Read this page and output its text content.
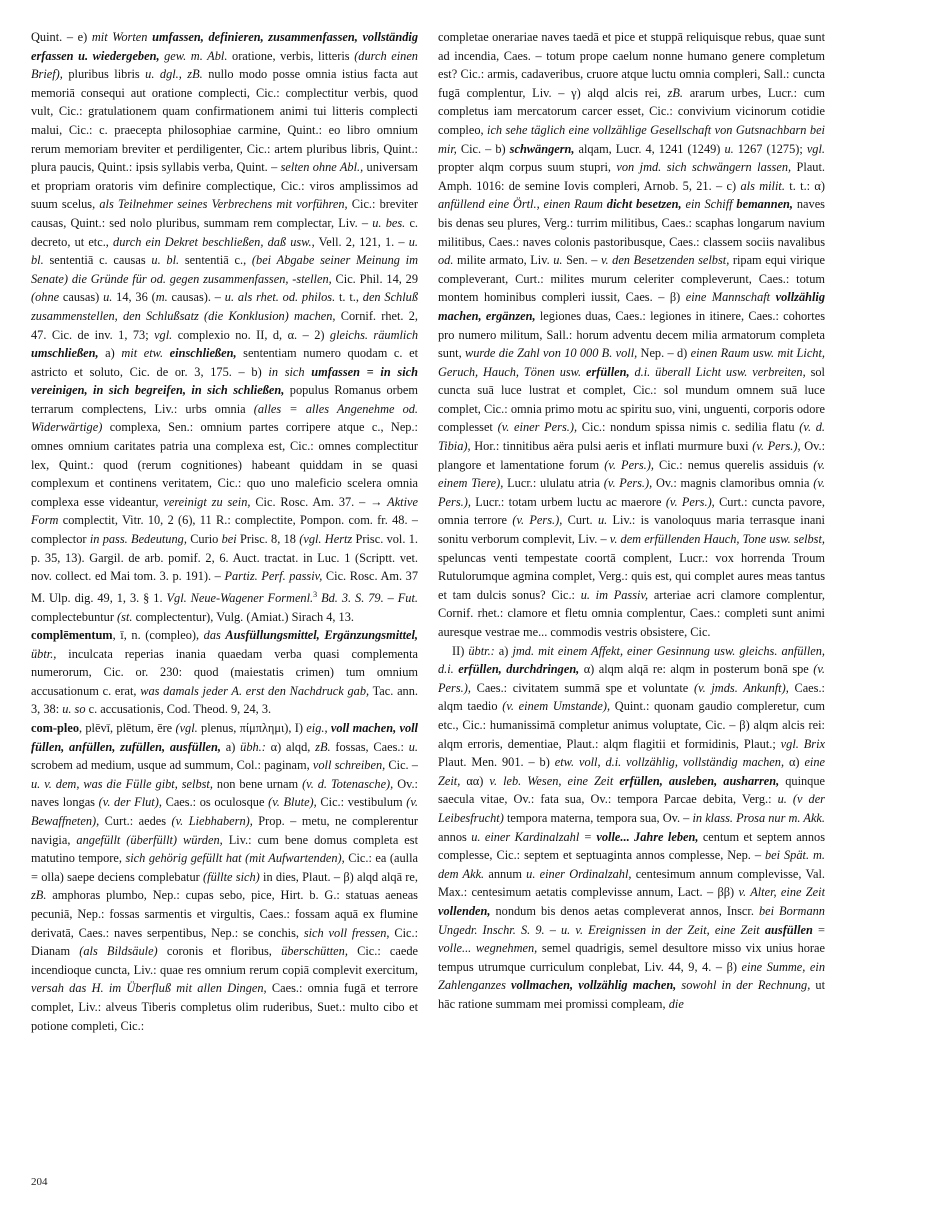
Quint. – e) mit Worten umfassen, definieren, zusammenfassen, vollständig erfassen u. wiedergeben, gew. m. Abl. oratione, verbis, litteris (durch einen Brief), pluribus libris u. dgl., zB. nullo modo posse omnia istius facta aut memoriā consequi aut oratione complecti, Cic.: complectitur verbis, quod vult, Cic.: gratulationem quam confirmationem animi tui litteris complecti malui, Cic.: c. praecepta philosophiae carmine, Quint.: eo libro omnium rerum memoriam breviter et perdiligenter, Cic.: artem pluribus libris, Quint.: plura paucis, Quint.: ipsis syllabis verba, Quint. – selten ohne Abl., universam et propriam oratoris vim definire complectique, Cic.: viros amplissimos ad suum scelus, als Teilnehmer seines Verbrechens mit vorführen, Cic.: breviter causas, Quint.: sed nolo pluribus, summam rem complectar, Liv. – u. bes. c. decreto, ut etc., durch ein Dekret beschließen, daß usw., Vell. 2, 121, 1. – u. bl. sententiā c. causas u. bl. sententiā c., (bei Abgabe seiner Meinung im Senate) die Gründe für od. gegen zusammenfassen, -stellen, Cic. Phil. 14, 29 (ohne causas) u. 14, 36 (m. causas). – u. als rhet. od. philos. t. t., den Schluß zusammenstellen, den Schlußsatz (die Konklusion) machen, Cornif. rhet. 2, 47. Cic. de inv. 1, 73; vgl. complexio no. II, d, α. – 2) gleichs. räumlich umschließen, a) mit etw. einschließen, sententiam numero quodam c. et astricto et soluto, Cic. de or. 3, 175. – b) in sich umfassen = in sich vereinigen, in sich begreifen, in sich schließen, populus Romanus orbem terrarum complectens, Liv.: urbs omnia (alles = alles Angenehme od. Widerwärtige) complexa, Sen.: omnium partes corripere atque c., Nep.: omnes omnium caritates patria una complexa est, Cic.: omnes complectitur lex, Quint.: quod (rerum cognitiones) habeant quiddam in se quasi complexum et continens veritatem, Cic.: quo uno maleficio scelera omnia complexa esse videantur, vereinigt zu sein, Cic. Rosc. Am. 37. – → Aktive Form complectit, Vitr. 10, 2 (6), 11 R.: complectite, Pompon. com. fr. 48. – complector in pass. Bedeutung, Curio bei Prisc. 8, 18 (vgl. Hertz Prisc. vol. 1. p. 35, 13). Gargil. de arb. pomif. 2, 6. Auct. tractat. in Luc. 1 (Scriptt. vet. nov. collect. ed Mai tom. 3. p. 191). – Partiz. Perf. passiv, Cic. Rosc. Am. 37 M. Ulp. dig. 49, 1, 3. § 1. Vgl. Neue-Wagener Formenl.$^3$ Bd. 3. S. 79. – Fut. complectebuntur (st. complectentur), Vulg. (Amiat.) Sirach 4, 13.

complēmentum, ī, n. (compleo), das Ausfüllungsmittel, Ergänzungsmittel, übtr., inculcata reperias inania quaedam verba quasi complementa numerorum, Cic. or. 230: quod (maiestatis crimen) tum omnium accusationum c. erat, was damals jeder A. erst den Nachdruck gab, Tac. ann. 3, 38: u. so c. accusationis, Cod. Theod. 9, 24, 3.

com-pleo, plēvī, plētum, ēre (vgl. plenus, πίμπλημι), I) eig., voll machen, voll füllen, anfüllen, zufüllen, ausfüllen, a) übh.: α) alqd, zB. fossas, Caes.: u. scrobem ad medium, usque ad summum, Col.: paginam, voll schreiben, Cic. – u. v. dem, was die Fülle gibt, selbst, non bene urnam (v. d. Totenasche), Ov.: naves longas (v. der Flut), Caes.: os oculosque (v. Blute), Cic.: vestibulum (v. Bewaffneten), Curt.: aedes (v. Liebhabern), Prop. – metu, ne complerentur navigia, angefüllt (überfüllt) würden, Liv.: cum bene domus completa est matutino tempore, sich gehörig gefüllt hat (mit Aufwartenden), Cic.: ea (aulla = olla) saepe deciens complebatur (füllte sich) in dies, Plaut. – β) alqd alqā re, zB. amphoras plumbo, Nep.: cupas sebo, pice, Hirt. b. G.: statuas aeneas pecuniā, Nep.: fossas sarmentis et virgultis, Caes.: fossam aquā ex flumine derivatā, Caes.: naves serpentibus, Nep.: se conchis, sich voll fressen, Cic.: Dianam (als Bildsäule) coronis et floribus, überschütten, Cic.: caede incendioque cuncta, Liv.: quae res omnium rerum copiā complevit exercitum, versah das H. im Überfluß mit allen Dingen, Caes.: omnia fugā et terrore complet, Liv.: alveus Tiberis completus olim ruderibus, Suet.: multo cibo et potione completi, Cic.:

completae onerariae naves taedā et pice et stuppā reliquisque rebus, quae sunt ad incendia, Caes. – totum prope caelum nonne humano genere completum est? Cic.: armis, cadaveribus, cruore atque luctu omnia compleri, Sall.: cuncta fugā complentur, Liv. – γ) alqd alcis rei, zB. ararum urbes, Lucr.: cum completus iam mercatorum carcer esset, Cic.: convivium vicinorum cotidie compleo, ich sehe täglich eine vollzählige Gesellschaft von Gutsnachbarn bei mir, Cic. – b) schwängern, alqam, Lucr. 4, 1241 (1249) u. 1267 (1275); vgl. propter alqm corpus suum stupri, von jmd. sich schwängern lassen, Plaut. Amph. 1016: de semine Iovis compleri, Arnob. 5, 21. – c) als milit. t. t.: α) anfüllend eine Örtl., einen Raum dicht besetzen, ein Schiff bemannen, naves bis denas seu plures, Verg.: turrim militibus, Caes.: scaphas longarum navium militibus, Caes.: naves colonis pastoribusque, Caes.: classem sociis navalibus od. milite armato, Liv. u. Sen. – v. den Besetzenden selbst, ripam equi virique compleverant, Curt.: milites murum celeriter compleverunt, Caes.: totum montem hominibus compleri iussit, Caes. – β) eine Mannschaft vollzählig machen, ergänzen, legiones duas, Caes.: legiones in itinere, Caes.: cohortes pro numero militum, Sall.: horum adventu decem milia armatorum completa sunt, wurde die Zahl von 10 000 B. voll, Nep. – d) einen Raum usw. mit Licht, Geruch, Hauch, Tönen usw. erfüllen, d.i. überall Licht usw. verbreiten, sol cuncta suā luce lustrat et complet, Cic.: sol mundum omnem suā luce complet, Cic.: omnia primo motu ac spiritu suo, vini, unguenti, corporis odore complesset (v. einer Pers.), Cic.: nondum spissa nimis c. sedilia flatu (v. d. Tibia), Hor.: tinnitibus aëra pulsi aeris et inflati murmure buxi (v. Pers.), Ov.: plangore et lamentatione forum (v. Pers.), Cic.: nemus querelis assiduis (v. einem Tiere), Lucr.: ululatu atria (v. Pers.), Ov.: magnis clamoribus omnia (v. Pers.), Lucr.: totam urbem luctu ac maerore (v. Pers.), Curt.: cuncta pavore, omnia terrore (v. Pers.), Curt. u. Liv.: is vanoloquus maria terrasque inani sonitu verborum complevit, Liv. – v. dem erfüllenden Hauch, Tone usw. selbst, speluncas venti tempestate coortā complent, Lucr.: vox horrenda Troum Rutulorumque agmina complet, Verg.: quis est, qui complet aures meas tantus et tam dulcis sonus? Cic.: u. im Passiv, arteriae acri clamore complentur, Cornif. rhet.: clamore et fletu omnia complentur, Caes.: completi sunt animi auresque vestrae me... commodis vestris obsistere, Cic.

II) übtr.: a) jmd. mit einem Affekt, einer Gesinnung usw. gleichs. anfüllen, d.i. erfüllen, durchdringen, α) alqm alqā re: alqm in posterum bonā spe (v. Pers.), Caes.: civitatem summā spe et voluntate (v. jmds. Ankunft), Caes.: alqm taedio (v. einem Umstande), Quint.: quonam gaudio compleretur, cum etc., Cic.: humanissimā completur animus voluptate, Cic. – β) alqm alcis rei: alqm erroris, dementiae, Plaut.: alqm flagitii et formidinis, Plaut.; vgl. Brix Plaut. Men. 901. – b) etw. voll, d.i. vollzählig, vollständig machen, α) eine Zeit, αα) v. leb. Wesen, eine Zeit erfüllen, ausleben, ausharren, quinque saecula vitae, Ov.: fata sua, Ov.: tempora Parcae debita, Verg.: u. (v der Leibesfrucht) tempora materna, tempora sua, Ov. – in klass. Prosa nur m. Akk. annos u. einer Kardinalzahl = volle... Jahre leben, centum et septem annos complesse, Cic.: septem et septuaginta annos complesse, Nep. – bei Spät. m. dem Akk. annum u. einer Ordinalzahl, centesimum annum complevisse, Val. Max.: centesimum aetatis complevisse annum, Lact. – ββ) v. Alter, eine Zeit vollenden, nondum bis denos aetas compleverat annos, Inscr. bei Bormann Ungedr. Inschr. S. 9. – u. v. Ereignissen in der Zeit, eine Zeit ausfüllen = volle... wegnehmen, semel quadrigis, semel desultore misso vix unius horae tempus utrumque curriculum conplebat, Liv. 44, 9, 4. – β) eine Summe, ein Zahlenganzes vollmachen, vollzählig machen, sowohl in der Rechnung, ut hāc ratione summam mei promissi compleam, die

204
